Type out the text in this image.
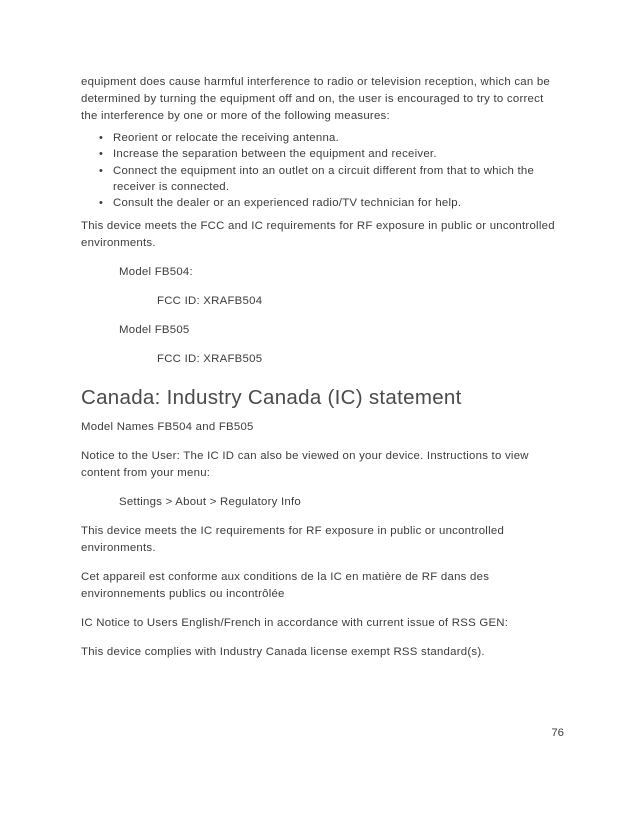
equipment does cause harmful interference to radio or television reception, which can be determined by turning the equipment off and on, the user is encouraged to try to correct the interference by one or more of the following measures:

• Reorient or relocate the receiving antenna.
• Increase the separation between the equipment and receiver.
• Connect the equipment into an outlet on a circuit different from that to which the receiver is connected.
• Consult the dealer or an experienced radio/TV technician for help.

This device meets the FCC and IC requirements for RF exposure in public or uncontrolled environments.

Model FB504:

FCC ID: XRAFB504

Model FB505

FCC ID: XRAFB505

Canada: Industry Canada (IC) statement

Model Names FB504 and FB505

Notice to the User: The IC ID can also be viewed on your device. Instructions to view content from your menu:

Settings > About > Regulatory Info

This device meets the IC requirements for RF exposure in public or uncontrolled environments.

Cet appareil est conforme aux conditions de la IC en matière de RF dans des environnements publics ou incontrôlée

IC Notice to Users English/French in accordance with current issue of RSS GEN:

This device complies with Industry Canada license exempt RSS standard(s).

76
